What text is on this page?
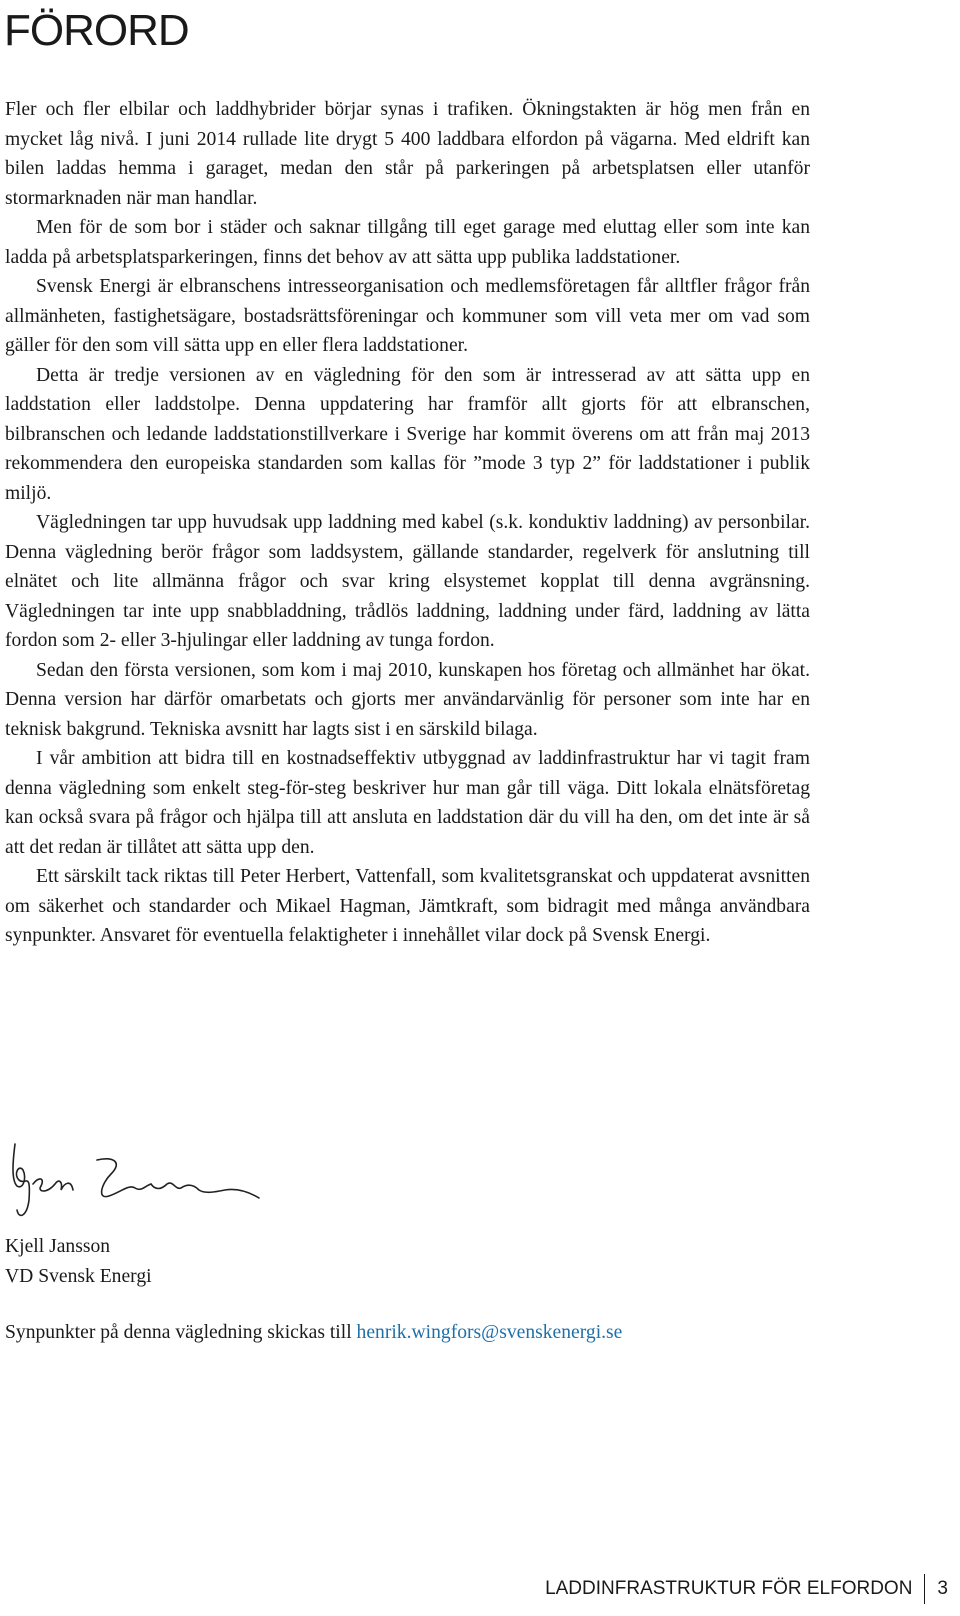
FÖRORD

Fler och fler elbilar och laddhybrider börjar synas i trafiken. Ökningstakten är hög men från en mycket låg nivå. I juni 2014 rullade lite drygt 5 400 laddbara elfordon på vägarna. Med eldrift kan bilen laddas hemma i garaget, medan den står på parkeringen på arbetsplatsen eller utanför stormarknaden när man handlar.

Men för de som bor i städer och saknar tillgång till eget garage med eluttag eller som inte kan ladda på arbetsplatsparkeringen, finns det behov av att sätta upp publika laddstationer.

Svensk Energi är elbranschens intresseorganisation och medlemsföretagen får alltfler frågor från allmänheten, fastighetsägare, bostadsrättsföreningar och kommuner som vill veta mer om vad som gäller för den som vill sätta upp en eller flera laddstationer.

Detta är tredje versionen av en vägledning för den som är intresserad av att sätta upp en laddstation eller laddstolpe. Denna uppdatering har framför allt gjorts för att elbranschen, bilbranschen och ledande laddstationstillverkare i Sverige har kommit överens om att från maj 2013 rekommendera den europeiska standarden som kallas för ”mode 3 typ 2” för laddstationer i publik miljö.

Vägledningen tar upp huvudsak upp laddning med kabel (s.k. konduktiv laddning) av personbilar. Denna vägledning berör frågor som laddsystem, gällande standarder, regelverk för anslutning till elnätet och lite allmänna frågor och svar kring elsystemet kopplat till denna avgränsning. Vägledningen tar inte upp snabbladdning, trådlös laddning, laddning under färd, laddning av lätta fordon som 2- eller 3-hjulingar eller laddning av tunga fordon.

Sedan den första versionen, som kom i maj 2010, kunskapen hos företag och allmänhet har ökat. Denna version har därför omarbetats och gjorts mer användarvänlig för personer som inte har en teknisk bakgrund. Tekniska avsnitt har lagts sist i en särskild bilaga.

I vår ambition att bidra till en kostnadseffektiv utbyggnad av laddinfrastruktur har vi tagit fram denna vägledning som enkelt steg-för-steg beskriver hur man går till väga. Ditt lokala elnätsföretag kan också svara på frågor och hjälpa till att ansluta en laddstation där du vill ha den, om det inte är så att det redan är tillåtet att sätta upp den.

Ett särskilt tack riktas till Peter Herbert, Vattenfall, som kvalitetsgranskat och uppdaterat avsnitten om säkerhet och standarder och Mikael Hagman, Jämtkraft, som bidragit med många användbara synpunkter. Ansvaret för eventuella felaktigheter i innehållet vilar dock på Svensk Energi.

Kjell Jansson
VD Svensk Energi
Synpunkter på denna vägledning skickas till henrik.wingfors@svenskenergi.se
LADDINFRASTRUKTUR FÖR ELFORDON 3
